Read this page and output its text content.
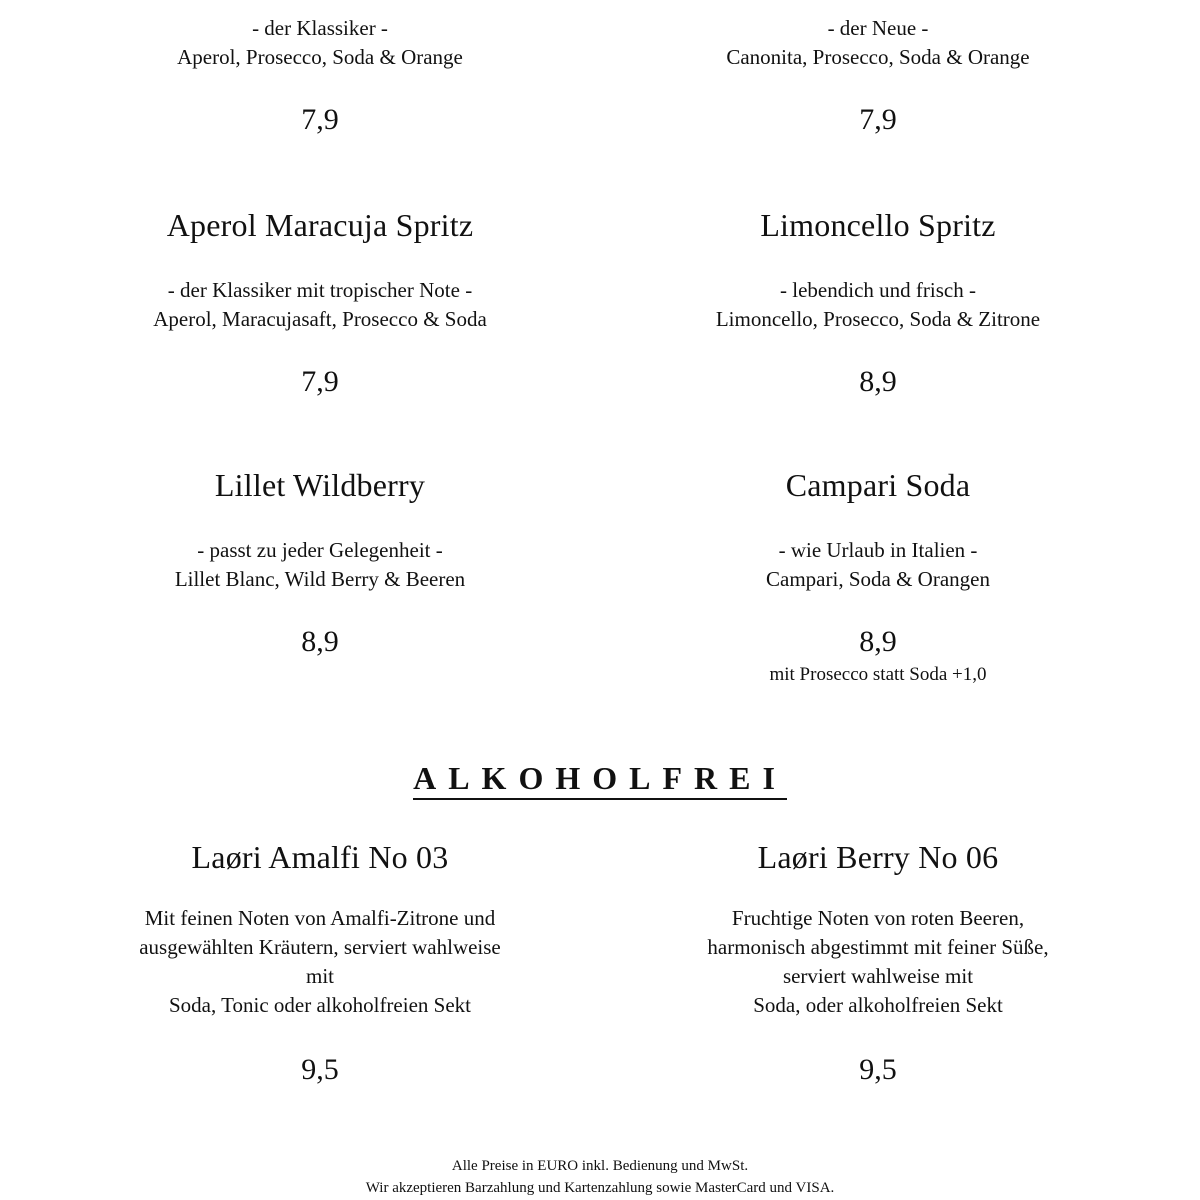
- der Klassiker -

Aperol, Prosecco, Soda & Orange

7,9

- der Neue -

Canonita, Prosecco, Soda & Orange

7,9

Aperol Maracuja Spritz

- der Klassiker mit tropischer Note -

Aperol, Maracujasaft, Prosecco & Soda

7,9

Limoncello Spritz

- lebendich und frisch -

Limoncello, Prosecco, Soda & Zitrone

8,9

Lillet Wildberry

- passt zu jeder Gelegenheit -

Lillet Blanc, Wild Berry & Beeren

8,9

Campari Soda

- wie Urlaub in Italien -

Campari, Soda & Orangen

8,9

mit Prosecco statt Soda +1,0

ALKOHOLFREI
Laøri Amalfi No 03

Mit feinen Noten von Amalfi-Zitrone und

ausgewählten Kräutern, serviert wahlweise

mit

Soda, Tonic oder alkoholfreien Sekt

9,5

Laøri Berry No 06

Fruchtige Noten von roten Beeren,

harmonisch abgestimmt mit feiner Süße,

serviert wahlweise mit

Soda, oder alkoholfreien Sekt

9,5

Alle Preise in EURO inkl. Bedienung und MwSt.
Wir akzeptieren Barzahlung und Kartenzahlung sowie MasterCard und VISA.
